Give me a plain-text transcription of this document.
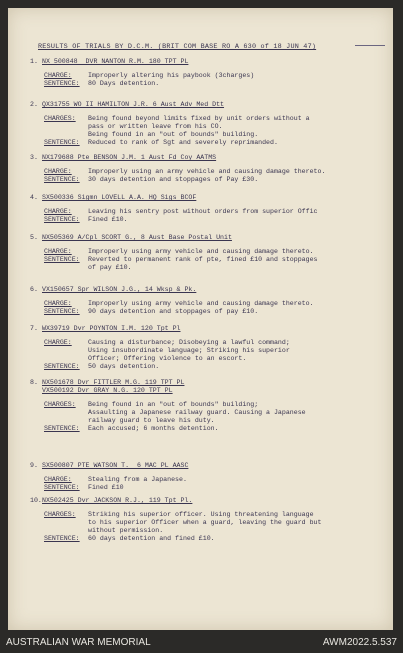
RESULTS OF TRIALS BY D.C.M. (BRIT COM BASE RO A 630 of 18 JUN 47)
1. NX 500848  DVR NANTON R.M. 180 TPT PL
CHARGE: Improperly altering his paybook (3charges)
SENTENCE: 80 Days detention.
2. QX31755 WO II HAMILTON J.R. 6 Aust Adv Med Dtt
CHARGES: Being found beyond limits fixed by unit orders without a
pass or written leave from his CO.
Being found in an "out of bounds" building.
SENTENCE: Reduced to rank of Sgt and severely reprimanded.
3. NX179688 Pte BENSON J.M. 1 Aust Fd Coy AATMS
CHARGE: Improperly using an army vehicle and causing damage thereto.
SENTENCE: 30 days detention and stoppages of Pay £30.
4. SX500336 Sigmn LOVELL A.A. HQ Sigs BCOF
CHARGE: Leaving his sentry post without orders from superior Offic
SENTENCE: Fined £10.
5. NX505369 A/Cpl SCORT G., 8 Aust Base Postal Unit
CHARGE: Improperly using army vehicle and causing damage thereto.
SENTENCE: Reverted to permanent rank of pte, fined £10 and stoppages
of pay £10.
6. VX150657 Spr WILSON J.G., 14 Wksp & Pk.
CHARGE: Improperly using army vehicle and causing damage thereto.
SENTENCE: 90 days detention and stoppages of pay £10.
7. WX39719 Dvr POYNTON I.M. 120 Tpt Pl
CHARGE: Causing a disturbance; Disobeying a lawful command;
Using insubordinate language; Striking his superior
Officer; Offering violence to an escort.
SENTENCE: 50 days detention.
8. NX501678 Dvr FITTLER M.G. 119 TPT PL
VX500192 Dvr GRAY N.G. 120 TPT PL
CHARGES: Being found in an "out of bounds" building;
Assaulting a Japanese railway guard. Causing a Japanese
railway guard to leave his duty.
SENTENCE: Each accused; 6 months detention.
9. SX500807 PTE WATSON T.  6 MAC PL AASC
CHARGE: Stealing from a Japanese.
SENTENCE: Fined £10
10. NX502425 Dvr JACKSON R.J., 119 Tpt Pl.
CHARGES: Striking his superior officer. Using threatening language
to his superior Officer when a guard, leaving the guard but
without permission.
SENTENCE: 60 days detention and fined £10.
AUSTRALIAN WAR MEMORIAL	AWM2022.5.537
